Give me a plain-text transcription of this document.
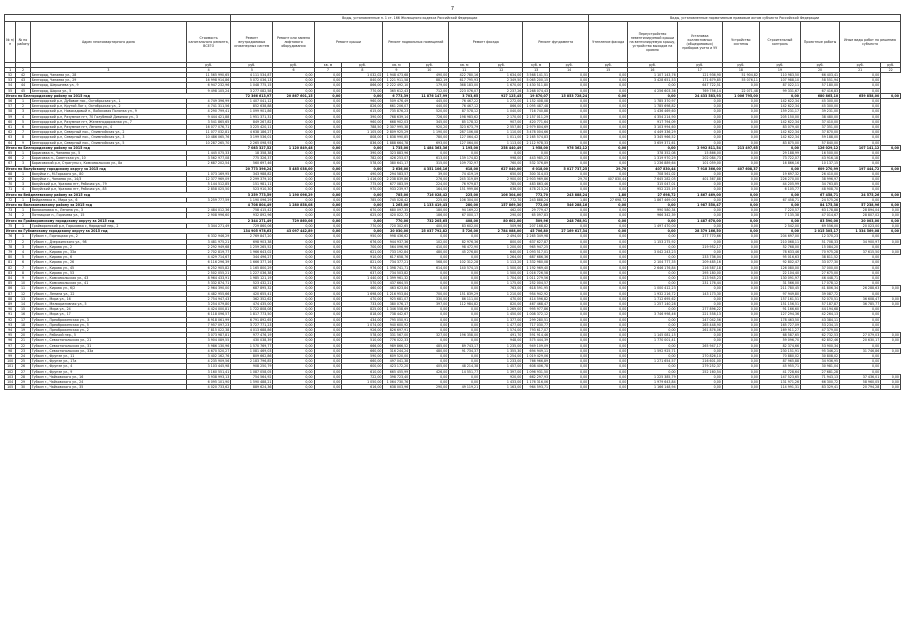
7
				Виды, установленные п. 1 ст. 166 Жилищного кодекса Российской Федерации										Виды, установленные нормативным правовым актом субъекта Российской Федерации							
№ п/п	№ по району	Адрес многоквартирного дома	Стоимость капитального ремонта, ВСЕГО	Ремонт внутридомовых инженерных систем	Ремонт или замена лифтового оборудования	Ремонт крыши		Ремонт подвальных помещений		Ремонт фасада		Ремонт фундамента		Утепление фасада	Переустройство невентилируемой крыши на вентилируемую крышу, устройство выходов на кровлю	Установка коллективных (общедомовых) приборов учета и УУ	Устройство системы	Строительный контроль	Проектные работы	Иные виды работ по решению субъекта	
			руб.	руб.	руб.	кв. м	руб.	кв. м	руб.	кв. м	руб.	куб. м	руб.	руб.	руб.	руб.	руб.	руб.	руб.	руб.	руб.
1	2	3	4	5	6	7	8	9	10	11	12	13	14	15	16	17	18	19	20	21	22
52	42	Белгород, Чапаева ул., 28	11 565 990,65	4 111 534,87	0,00	0,00	1 032,02	1 948 473,68	490,00	422 780,16	1 634,00	3 568 141,51	0,00	0,00	1 107 143,76	121 936,90	51 904,82	110 983,50	66 403,41	0,00	
53	43	Белгород, Чапаева ул., 29	16 998 914,86	5 072 036,13	0,00	0,00	840,00	1 221 911,58	882,19	617 795,93	2 349,50	5 065 200,15	0,00	0,00	3 428 651,53	171 679,85	55 076,11	107 988,10	58 551,94	0,00	
54	44	Белгород, Шершнева ул., 9	6 947 232,96	1 048 775,15	0,00	0,00	866,00	2 222 492,10	179,00	368 183,00	1 670,00	1 430 511,80	0,00	0,00	0,00	647 722,51	0,00	87 022,11	57 180,00	0,00	
55	45	Белгород, Шорса ул., 5	9 498 105,24	3 277 082,58	0,00	0,00	770,00	365 612,43	712,00	223 076,07	2 237,26	3 268 074,43	0,00	0,00	4 256 603,36	769 756,14	22 071,48	99 331,67	67 416,83	0,00	
Итого по Белгородскому району за 2015 год				72 366 613,97	20 867 601,15	0,00	0,00	6 773,39	11 876 147,99	3 703,65	927 125,45	19 870,07	15 853 728,24	0,00	0,00	24 433 583,93	1 006 795,00	0,00	680 865,10	659 858,00	0,00
56	1	Белгородский р-н, Дубовое пос., Октябрьская ул., 1	4 749 396,99	1 407 041,12	0,00	0,00	960,00	509 476,49	445,00	76 467,22	1 272,00	1 152 408,08	0,00	0,00	1 785 370,97	0,00	0,00	142 622,34	45 300,00	0,00	
57	2	Белгородский р-н, Крутой Лог с, Октябрьская ул., 2	4 741 311,56	852 638,88	0,00	0,00	826,00	661 206,07	440,00	76 467,12	866,00	1 095 487,48	0,00	0,00	1 785 698,82	0,00	0,00	142 622,34	45 300,00	0,00	
58	3	Белгородский р-н, Новосадовый п., Войсковая Полянка ул., 9	4 290 799,41	1 099 901,86	0,00	0,00	615,00	735 876,23	520,00	87 578,12	1 040,00	716 740,88	0,00	0,00	1 436 469,60	0,00	0,00	159 231,17	39 231,00	0,00	
59	4	Белгородский р-н, Разумное пгт, 70 Голубевой Дивизии ул., 3	9 444 421,88	1 951 371,31	0,00	0,00	390,00	768 639,14	726,00	198 983,62	2 170,00	2 157 011,29	0,00	0,00	4 354 214,90	0,00	0,00	205 150,00	38 480,00	0,00	
60	5	Белгородский р-н, Разумное пгт, Железнодорожная ул., 7	3 541 865,65	849 267,82	0,00	0,00	960,00	668 902,03	345,00	85 178,32	907,00	420 771,64	0,00	0,00	917 794,09	0,00	0,00	142 622,34	37 410,00	0,00	
61	6	Белгородский р-н, Разумное пгт, Ленина ул., 4	16 077 076,71	3 225 420,11	0,00	0,00	788,50	2 307 995,38	920,20	323 673,79	2 557,80	2 979 804,69	0,00	0,00	3 103 994,60	0,00	0,00	83 079,40	37 351,00	0,00	
62	7	Белгородский р-н, Северный пос., Олимпийская ул., 2	11 077 032,81	4 638 186,27	0,00	0,00	1 105,00	2 809 925,29	1 190,00	287 106,08	1 110,00	3 478 004,66	0,00	0,00	4 449 336,29	0,00	0,00	142 622,34	37 870,00	0,00	
63	8	Белгородский р-н, Северный пос., Олимпийская ул., 3	10 486 065,76	3 199 536,01	0,00	0,00	808,00	1 838 990,85	780,00	127 064,42	1 011,00	2 165 574,83	0,00	0,00	3 345 966,52	0,00	0,00	142 622,34	59 188,00	0,00	
64	9	Белгородский р-н, Северный пос., Олимпийская ул., 5	10 287 265,70	2 265 098,93	0,00	0,00	836,00	1 888 664,78	693,00	127 064,00	1 113,00	2 112 978,33	0,00	0,00	3 659 371,61	0,00	0,00	83 875,00	57 840,00	0,00	
Итого по Белгородскому району за 2015 год				7 083 327,52	1 120 849,48	0,00	0,00	1 735,00	1 484 363,36	1 195,00	258 440,49	1 958,00	976 362,12	0,00	0,00	2 992 811,54	213 497,65	0,00	126 029,12	107 141,12	0,00
65	1	Борисовка п., Чапаева ул., 5	1 445 075,33	18 358,38	0,00	0,00	390,00	323 883,96	0,00	0,00	0,00	0,00	0,00	0,00	378 352,08	15 866,00	0,00	29 188,99	16 500,00	0,00	
66	2	Борисовка п., Советская ул., 10	3 562 977,08	775 326,37	0,00	0,00	782,00	426 253,07	613,00	139 174,82	998,00	443 985,23	0,00	0,00	1 319 970,29	202 084,73	0,00	73 722,07	43 916,18	0,00	
67	3	Борисовский р-н, Стригуны с, Комсомольская ул., 8a	2 687 202,54	560 697,46	0,00	0,00	578,00	380 641,17	315,00	109 732,97	760,00	532 376,89	0,00	0,00	1 236 889,64	101 059,00	0,00	16 866,16	10 137,15	0,00	
Итого по Валуйскому городскому округу за 2015 год				20 773 396,24	5 485 038,00	0,00	0,00	2 636,00	4 351 106,16	618,00	627 040,00	6 018,00	5 017 737,25	29,70	407 830,44	7 918 366,00	407 608,37	0,00	609 270,99	197 444,72	0,00
68	1	Валуйки г., М.Горького ул., 80	1 073 169,95	343 988,82	0,00	0,00	490,00	294 583,57	39,00	74 419,19	650,00	300 314,03	0,00	0,00	708 561,02	0,00	0,00	19 697,32	26 410,00	0,00	
69	2	Валуйки г., Чапаева ул., 14/3	12 377 969,09	2 299 379,10	0,00	0,00	1 416,00	2 238 839,86	276,00	245 319,89	2 900,00	2 903 969,86	29,70	407 830,44	7 645 282,05	401 367,88	0,00	226 270,00	38 996,97	0,00	
70	3	Валуйский р-н, Уразово пгт, Рабочая ул., 79	5 144 512,85	151 981,11	0,00	0,00	775,00	677 083,59	224,00	76 979,87	785,00	483 863,46	0,00	0,00	315 047,01	0,00	0,00	44 205,99	34 763,85	0,00	
71	4	Валуйский р-н, Уразово пгт, Рабочая ул., 85	2 858 025,50	523 910,30	0,00	0,00	970,00	933 239,97	164,00	151 999,86	636,00	478 213,24	0,00	0,00	952 225,19	0,00	0,00	6 105,77	48 908,70	0,00	
Итого по Вейделевскому району за 2015 год				3 259 773,59	1 190 096,29	0,00	0,00	785,00	716 028,42	225,00	106 304,00	772,70	243 888,24	1,80	27 698,72	1 867 469,00	0,00	0,00	67 458,71	24 575,26	0,00
72	1	Вейделевка п., Мира ул., 6	3 259 777,59	1 190 096,29	0,00	0,00	785,00	745 028,42	225,00	106 304,00	772,70	243 888,24	1,80	27 698,72	1 867 469,00	0,00	0,00	67 458,71	24 575,26	0,00	
Итого по Волоконовскому району за 2015 год				4 708 804,49	1 280 858,08	0,00	0,00	1 265,00	1 133 419,43	280,00	157 869,30	772,00	546 288,16	0,00	0,00	1 987 550,47	0,00	0,00	84 175,38	57 238,96	0,00
73	1	Волоконовка п., Ленина ул., 3	2 484 012,36	758 415,42	0,00	0,00	670,00	680 097,35	180,00	94 169,22	462,00	29 779,47	0,00	0,00	990 580,34	0,00	0,00	7 220,57	63 178,88	28 894,04	0,00
74	2	Пятницкое п., Горячева ул., 15	2 908 996,60	932 892,96	0,00	0,00	625,00	420 022,72	186,00	67 000,17	290,00	65 097,83	0,00	0,00	966 342,39	0,00	0,00	7 135,38	47 014,67	28 807,02	0,00
Итого по Грайворонскому городскому округу за 2015 год				2 344 271,49	729 860,06	0,00	0,00	770,00	732 205,65	408,00	80 602,00	509,96	248 768,91	0,00	0,00	1 487 670,00	0,00	0,00	83 590,00	20 003,00	0,00
75	1	Грайворонский р-н, Горьковка с, Народный пер., 2	3 344 271,49	729 860,06	0,00	0,00	770,00	720 302,65	400,00	83 602,00	509,96	207 168,82	0,00	0,00	1 497 470,00	0,00	0,00	2 542,00	69 556,00	20 023,00	0,00
Итого по Губкинскому городскому округу за 2015 год				134 905 978,63	43 097 442,89	0,00	0,00	20 030,00	25 037 792,82	5 726,00	2 784 088,00	45 706,80	27 169 617,34	0,00	0,00	28 379 166,50	0,00	0,00	2 015 305,17	1 334 569,08	0,00
76	1	Губкин г., Горняцкая ул., 2	6 332 946,29	2 769 847,20	0,00	0,00	950,00	998 436,62	0,00	0,00	2 494,00	2 265 349,98	0,00	0,00	0,00	277 770,66	0,00	204 697,00	12 370,23	0,00	
77	2	Губкин г., Дзержинского ул., 98	3 481 975,21	698 903,38	0,00	0,00	676,00	944 937,36	102,00	82 976,36	800,00	637 627,87	0,00	0,00	1 153 275,92	0,00	0,00	210 068,11	51 708,33	34 900,97	0,00
78	3	Губкин г., Кирова ул., 2	2 292 949,68	1 259 265,52	0,00	0,00	700,00	564 096,96	410,00	98 472,90	1 200,00	965 947,25	0,00	0,00	0,00	219 952,17	0,00	52 768,00	15 084,20	0,00	
79	4	Губкин г., Кирова ул., 33а	2 702 819,77	1 966 643,02	0,00	0,00	621,00	733 192,84	480,00	45 276,80	640,00	1 093 517,01	0,00	0,00	3 042 243,23	0,00	0,00	78 633,46	70 975,28	37 615,50	0,00
80	5	Губкин г., Кирова ул., 6	4 429 714,67	344 496,27	0,00	0,00	910,00	617 658,76	0,00	0,00	1 264,00	687 686,36	0,00	0,00	0,00	233 736,04	0,00	95 016,63	38 811,52	0,00	
81	6	Губкин г., Кирова ул., 26	6 116 296,39	1 666 377,16	0,00	0,00	821,00	734 377,21	568,00	102 312,28	1 113,20	1 332 980,08	0,00	0,00	2 104 777,35	209 485,16	0,00	92 802,47	33 077,30	0,00	
82	7	Губкин г., Кирова ул., 45	6 252 905,82	1 165 800,29	0,00	0,00	976,00	1 398 741,71	614,00	140 574,15	1 500,00	1 192 969,40	0,00	0,00	2 646 176,84	216 587,18	0,00	126 080,00	37 000,00	0,00	
83	8	Губкин г., Кирова ул., 53	2 502 055,21	1 227 036,38	0,00	0,00	637,00	734 503,82	0,00	0,00	1 500,00	1 016 726,58	0,00	0,00	0,00	295 180,00	0,00	22 104,40	27 675,00	0,00	
84	9	Губкин г., Комсомольская ул., 43	8 964 433,91	1 985 121,19	0,00	0,00	1 440,00	1 399 961,32	0,00	0,00	1 704,00	1 011 279,56	0,00	0,00	0,00	213 945,23	0,00	130 091,97	46 448,71	0,00	
85	10	Губкин г., Комсомольская ул., 41	5 332 874,71	523 432,21	0,00	0,00	570,00	437 664,55	0,00	0,00	1 175,00	252 004,57	0,00	0,00	0,00	231 176,44	0,00	31 566,00	17 078,12	0,00	
86	11	Губкин г., Кирова ул., 6/2	2 964 390,00	687 895,32	0,00	0,00	460,00	463 623,84	0,00	0,00	763,00	618 591,95	0,00	0,00	1 000 412,23	0,00	0,00	211 780,45	41 806,34	26 288,63	0,00
87	12	Губкин г., Ленина ул., 22	4 482 955,66	420 655,41	0,00	0,00	1 698,00	1 216 953,84	700,00	151 839,29	1 210,00	954 942,92	0,00	0,00	1 932 216,72	143 173,30	0,00	97 949,80	39 087,72	0,00	
88	13	Губкин г., Мира ул., 16	2 754 947,43	362 352,62	0,00	0,00	470,00	925 681,07	330,00	86 111,00	470,00	414 596,82	0,00	0,00	1 712 695,62	0,00	0,00	157 161,51	52 070,51	36 608,47	0,00
89	14	Губкин г., Мелиоративная ул., 5	3 254 079,80	474 435,00	0,00	0,00	733,00	380 076,17	397,00	112 984,82	820,00	467 468,47	0,00	0,00	1 257 140,28	0,00	0,00	151 156,51	57 187,87	36 785,77	0,00
90	15	Губкин г., Мира ул., 24	4 424 000,81	1 722 808,08	0,00	0,00	825,00	1 346 558,69	0,00	0,00	1 269,00	995 977,86	0,00	0,00	0,00	277 896,22	0,00	91 166,60	44 194,68	0,00	
91	16	Губкин г., Мира ул., 17	6 118 096,57	1 817 773,50	0,00	0,00	818,00	738 442,67	0,00	0,00	1 450,00	1 008 372,12	0,00	0,00	3 746 998,46	221 558,13	0,00	127 294,36	42 264,13	0,00	
92	17	Губкин г., Преображенская ул., 3	8 918 061,99	6 791 892,65	0,00	0,00	434,00	795 050,91	0,00	0,00	1 377,00	299 280,51	0,00	0,00	0,00	247 042,56	0,00	178 463,50	43 384,11	0,00	
93	18	Губкин г., Преображенская ул., 5	7 957 097,23	3 727 771,23	0,00	0,00	1 074,00	940 600,92	0,00	0,00	1 477,00	717 030,77	0,00	0,00	0,00	265 448,90	0,00	165 727,09	53 234,15	0,00	
94	19	Губкин г., Преображенская ул., 2	7 815 022,38	4 013 688,86	0,00	0,00	926,00	826 697,91	0,00	0,00	1 574,00	793 617,07	0,00	0,00	0,00	261 876,06	0,00	169 911,27	47 379,00	0,00	
95	20	Губкин г., Рабочий пер., 5	3 073 987,81	977 476,19	0,00	0,00	578,00	331 567,00	327,00	196 358,00	491,70	591 914,46	0,00	0,00	1 145 081,15	0,00	0,00	68 587,65	62 732,53	27 079,03	0,00
96	21	Губкин г., Севастопольская ул., 21	3 904 089,55	430 038,39	0,00	0,00	510,00	776 022,33	0,00	0,00	948,00	575 444,39	0,00	0,00	1 770 001,41	0,00	0,00	59 096,70	62 852,46	20 630,17	0,00
97	22	Губкин г., Севастопольская ул., 31	5 986 130,96	1 570 769,77	0,00	0,00	666,00	989 866,52	485,00	89 743,17	1 235,00	949 109,09	0,00	0,00	0,00	265 947,17	0,00	82 374,66	53 900,34	0,00	
98	23	Губкин г., Севастопольская ул., 33а	4 670 520,27	1 081 469,03	0,00	0,00	660,00	316 244,24	480,00	91 734,37	1 355,30	694 949,11	0,00	0,00	1 592 925,71	0,00	0,00	230 151,91	95 346,21	31 746,86	0,00
99	24	Губкин г., Фрунзе ул., 11	3 402 162,76	809 662,86	0,00	0,00	590,00	609 520,00	0,00	0,00	1 254,00	1 019 429,06	0,00	0,00	0,00	270 826,10	0,00	70 880,02	30 808,02	0,00	
100	25	Губкин г., Фрунзе ул., 17а	4 235 909,56	2 183 796,85	0,00	0,00	660,00	497 041,38	0,00	0,00	1 233,00	766 966,89	0,00	0,00	1 271 654,57	216 601,00	0,00	87 965,88	34 936,95	0,00	
101	26	Губкин г., Фрунзе ул., 4	3 103 445,98	908 250,79	0,00	0,00	600,00	423 172,20	405,00	48 214,38	1 457,00	608 406,78	0,00	0,00	0,00	279 252,37	0,00	45 955,71	30 981,04	0,00	
102	27	Губкин г., Фрунзе ул., 9	3 160 551,41	1 087 058,05	0,00	0,00	610,00	665 455,99	426,00	14 551,77	1 397,00	1 096 931,50	0,00	0,00	0,00	252 160,54	0,00	41 728,64	27 681,28	0,00	
103	28	Губкин г., Чайковского ул., 16	3 938 993,13	754 564,92	0,00	0,00	722,00	398 723,40	0,00	0,00	920,00	662 297,93	0,00	0,00	1 225 385,79	0,00	0,00	147 523,65	71 943,13	37 436,01	0,00
104	29	Губкин г., Чайковского ул., 24	6 095 101,90	1 590 488,21	0,00	0,00	1 050,00	1 064 730,76	0,00	0,00	1 433,00	1 176 316,06	0,00	0,00	1 979 643,84	0,00	0,00	131 971,26	66 300,72	58 960,05	0,00
105	30	Губкин г., Чайковского ул., 35	4 020 733,62	889 624,36	0,00	0,00	616,00	638 003,96	290,00	49 119,21	1 163,00	964 593,71	0,00	0,00	1 166 148,94	0,00	0,00	114 991,31	83 329,41	20 794,28	0,00
